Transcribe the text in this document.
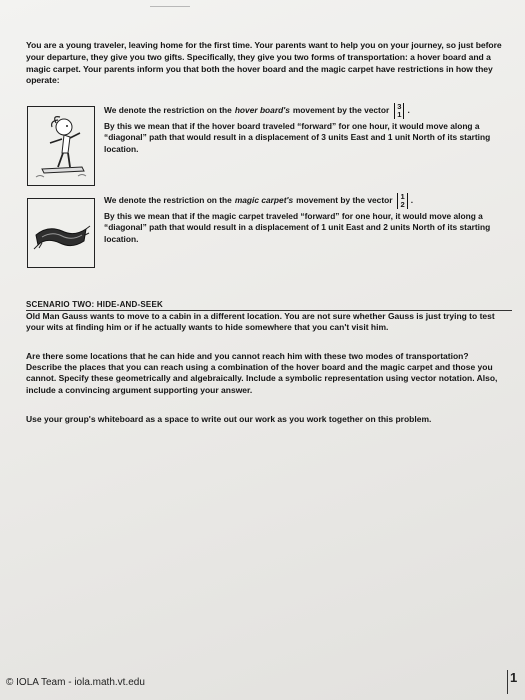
You are a young traveler, leaving home for the first time. Your parents want to help you on your journey, so just before your departure, they give you two gifts. Specifically, they give you two forms of transportation: a hover board and a magic carpet. Your parents inform you that both the hover board and the magic carpet have restrictions in how they operate:

We denote the restriction on the hover board's movement by the vector 3
1 .
By this we mean that if the hover board traveled “forward” for one hour, it would move along a “diagonal” path that would result in a displacement of 3 units East and 1 unit North of its starting location.
We denote the restriction on the magic carpet's movement by the vector 1
2 .
By this we mean that if the magic carpet traveled “forward” for one hour, it would move along a “diagonal” path that would result in a displacement of 1 unit East and 2 units North of its starting location.
SCENARIO TWO: HIDE-AND-SEEK

Old Man Gauss wants to move to a cabin in a different location. You are not sure whether Gauss is just trying to test your wits at finding him or if he actually wants to hide somewhere that you can't visit him.

Are there some locations that he can hide and you cannot reach him with these two modes of transportation?

Describe the places that you can reach using a combination of the hover board and the magic carpet and those you cannot. Specify these geometrically and algebraically. Include a symbolic representation using vector notation. Also, include a convincing argument supporting your answer.

Use your group's whiteboard as a space to write out our work as you work together on this problem.

© IOLA Team - iola.math.vt.edu	1
